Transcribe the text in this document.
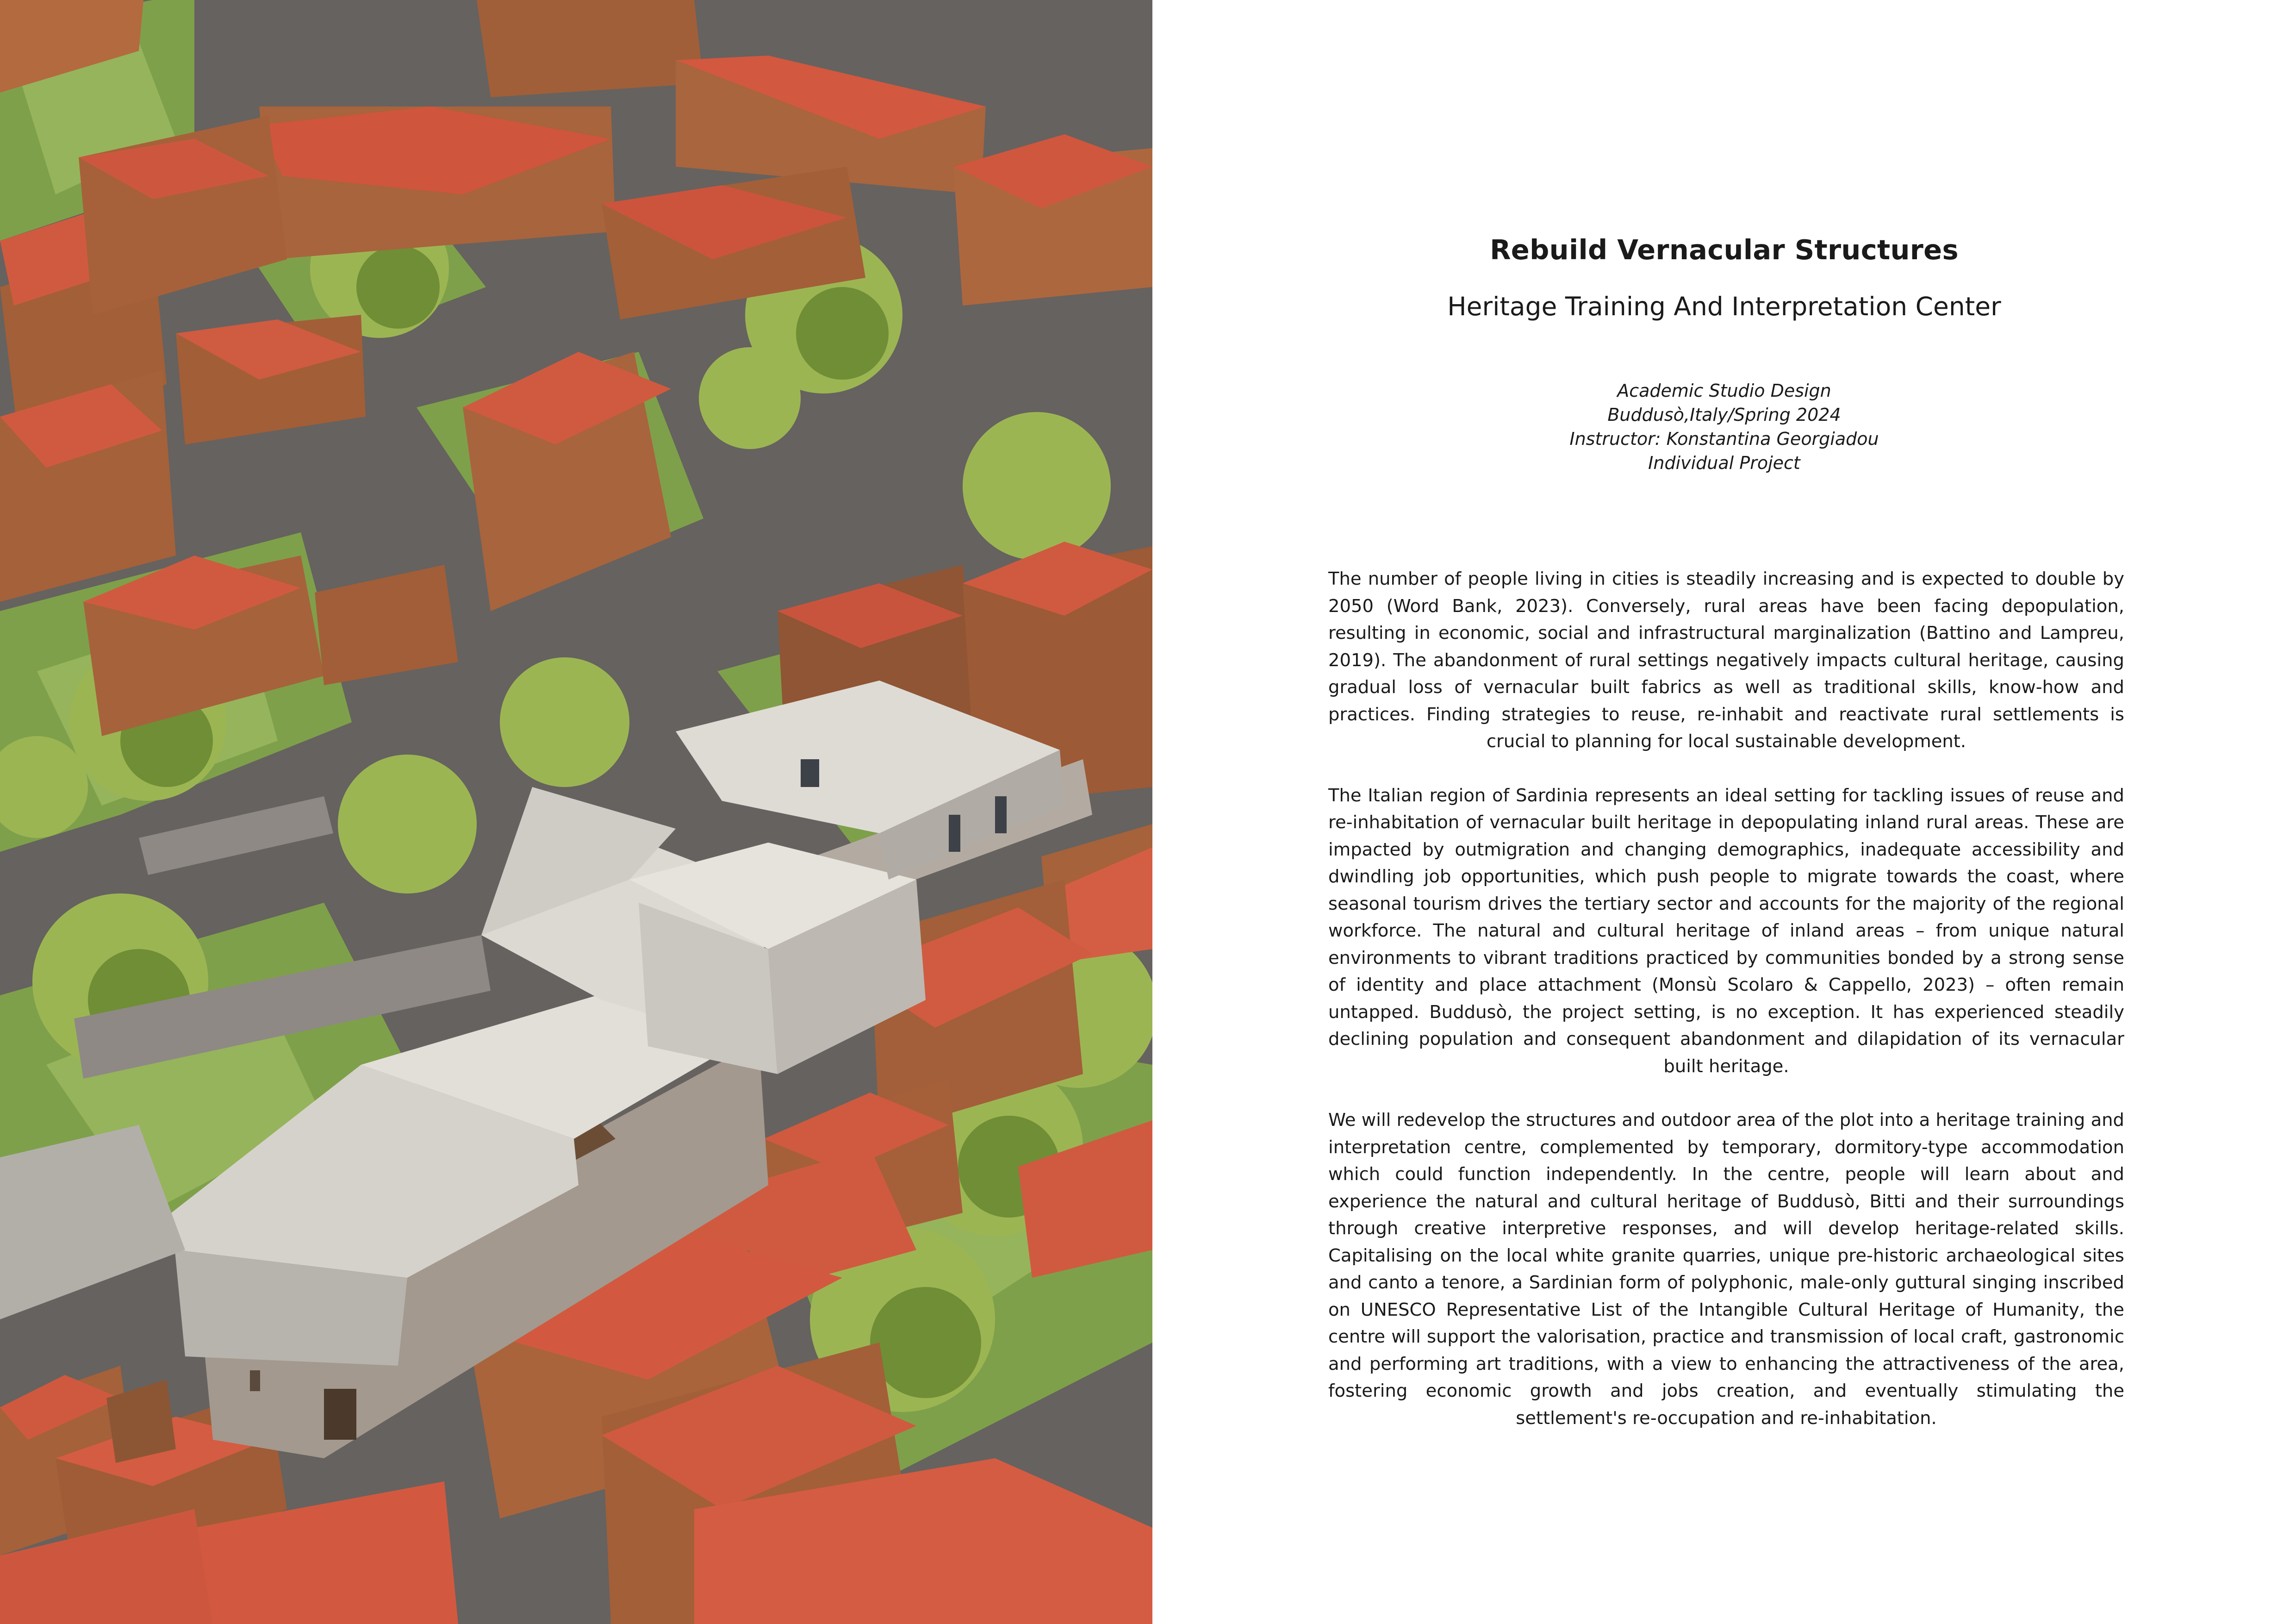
Rebuild Vernacular Structures
Heritage Training And Interpretation Center
Academic Studio Design
Buddusò,Italy/Spring 2024
Instructor: Konstantina Georgiadou
Individual Project

The number of people living in cities is steadily increasing and is expected to double by 2050 (Word Bank, 2023). Conversely, rural areas have been facing depopulation, resulting in economic, social and infrastructural marginalization (Battino and Lampreu, 2019). The abandonment of rural settings negatively impacts cultural heritage, causing gradual loss of vernacular built fabrics as well as traditional skills, know-how and practices. Finding strategies to reuse, re-inhabit and reactivate rural settlements is crucial to planning for local sustainable development.

The Italian region of Sardinia represents an ideal setting for tackling issues of reuse and re-inhabitation of vernacular built heritage in depopulating inland rural areas. These are impacted by outmigration and changing demographics, inadequate accessibility and dwindling job opportunities, which push people to migrate towards the coast, where seasonal tourism drives the tertiary sector and accounts for the majority of the regional workforce. The natural and cultural heritage of inland areas – from unique natural environments to vibrant traditions practiced by communities bonded by a strong sense of identity and place attachment (Monsù Scolaro & Cappello, 2023) – often remain untapped. Buddusò, the project setting, is no exception. It has experienced steadily declining population and consequent abandonment and dilapidation of its vernacular built heritage.

We will redevelop the structures and outdoor area of the plot into a heritage training and interpretation centre, complemented by temporary, dormitory-type accommodation which could function independently. In the centre, people will learn about and experience the natural and cultural heritage of Buddusò, Bitti and their surroundings through creative interpretive responses, and will develop heritage-related skills. Capitalising on the local white granite quarries, unique pre-historic archaeological sites and canto a tenore, a Sardinian form of polyphonic, male-only guttural singing inscribed on UNESCO Representative List of the Intangible Cultural Heritage of Humanity, the centre will support the valorisation, practice and transmission of local craft, gastronomic and performing art traditions, with a view to enhancing the attractiveness of the area, fostering economic growth and jobs creation, and eventually stimulating the settlement's re-occupation and re-inhabitation.
